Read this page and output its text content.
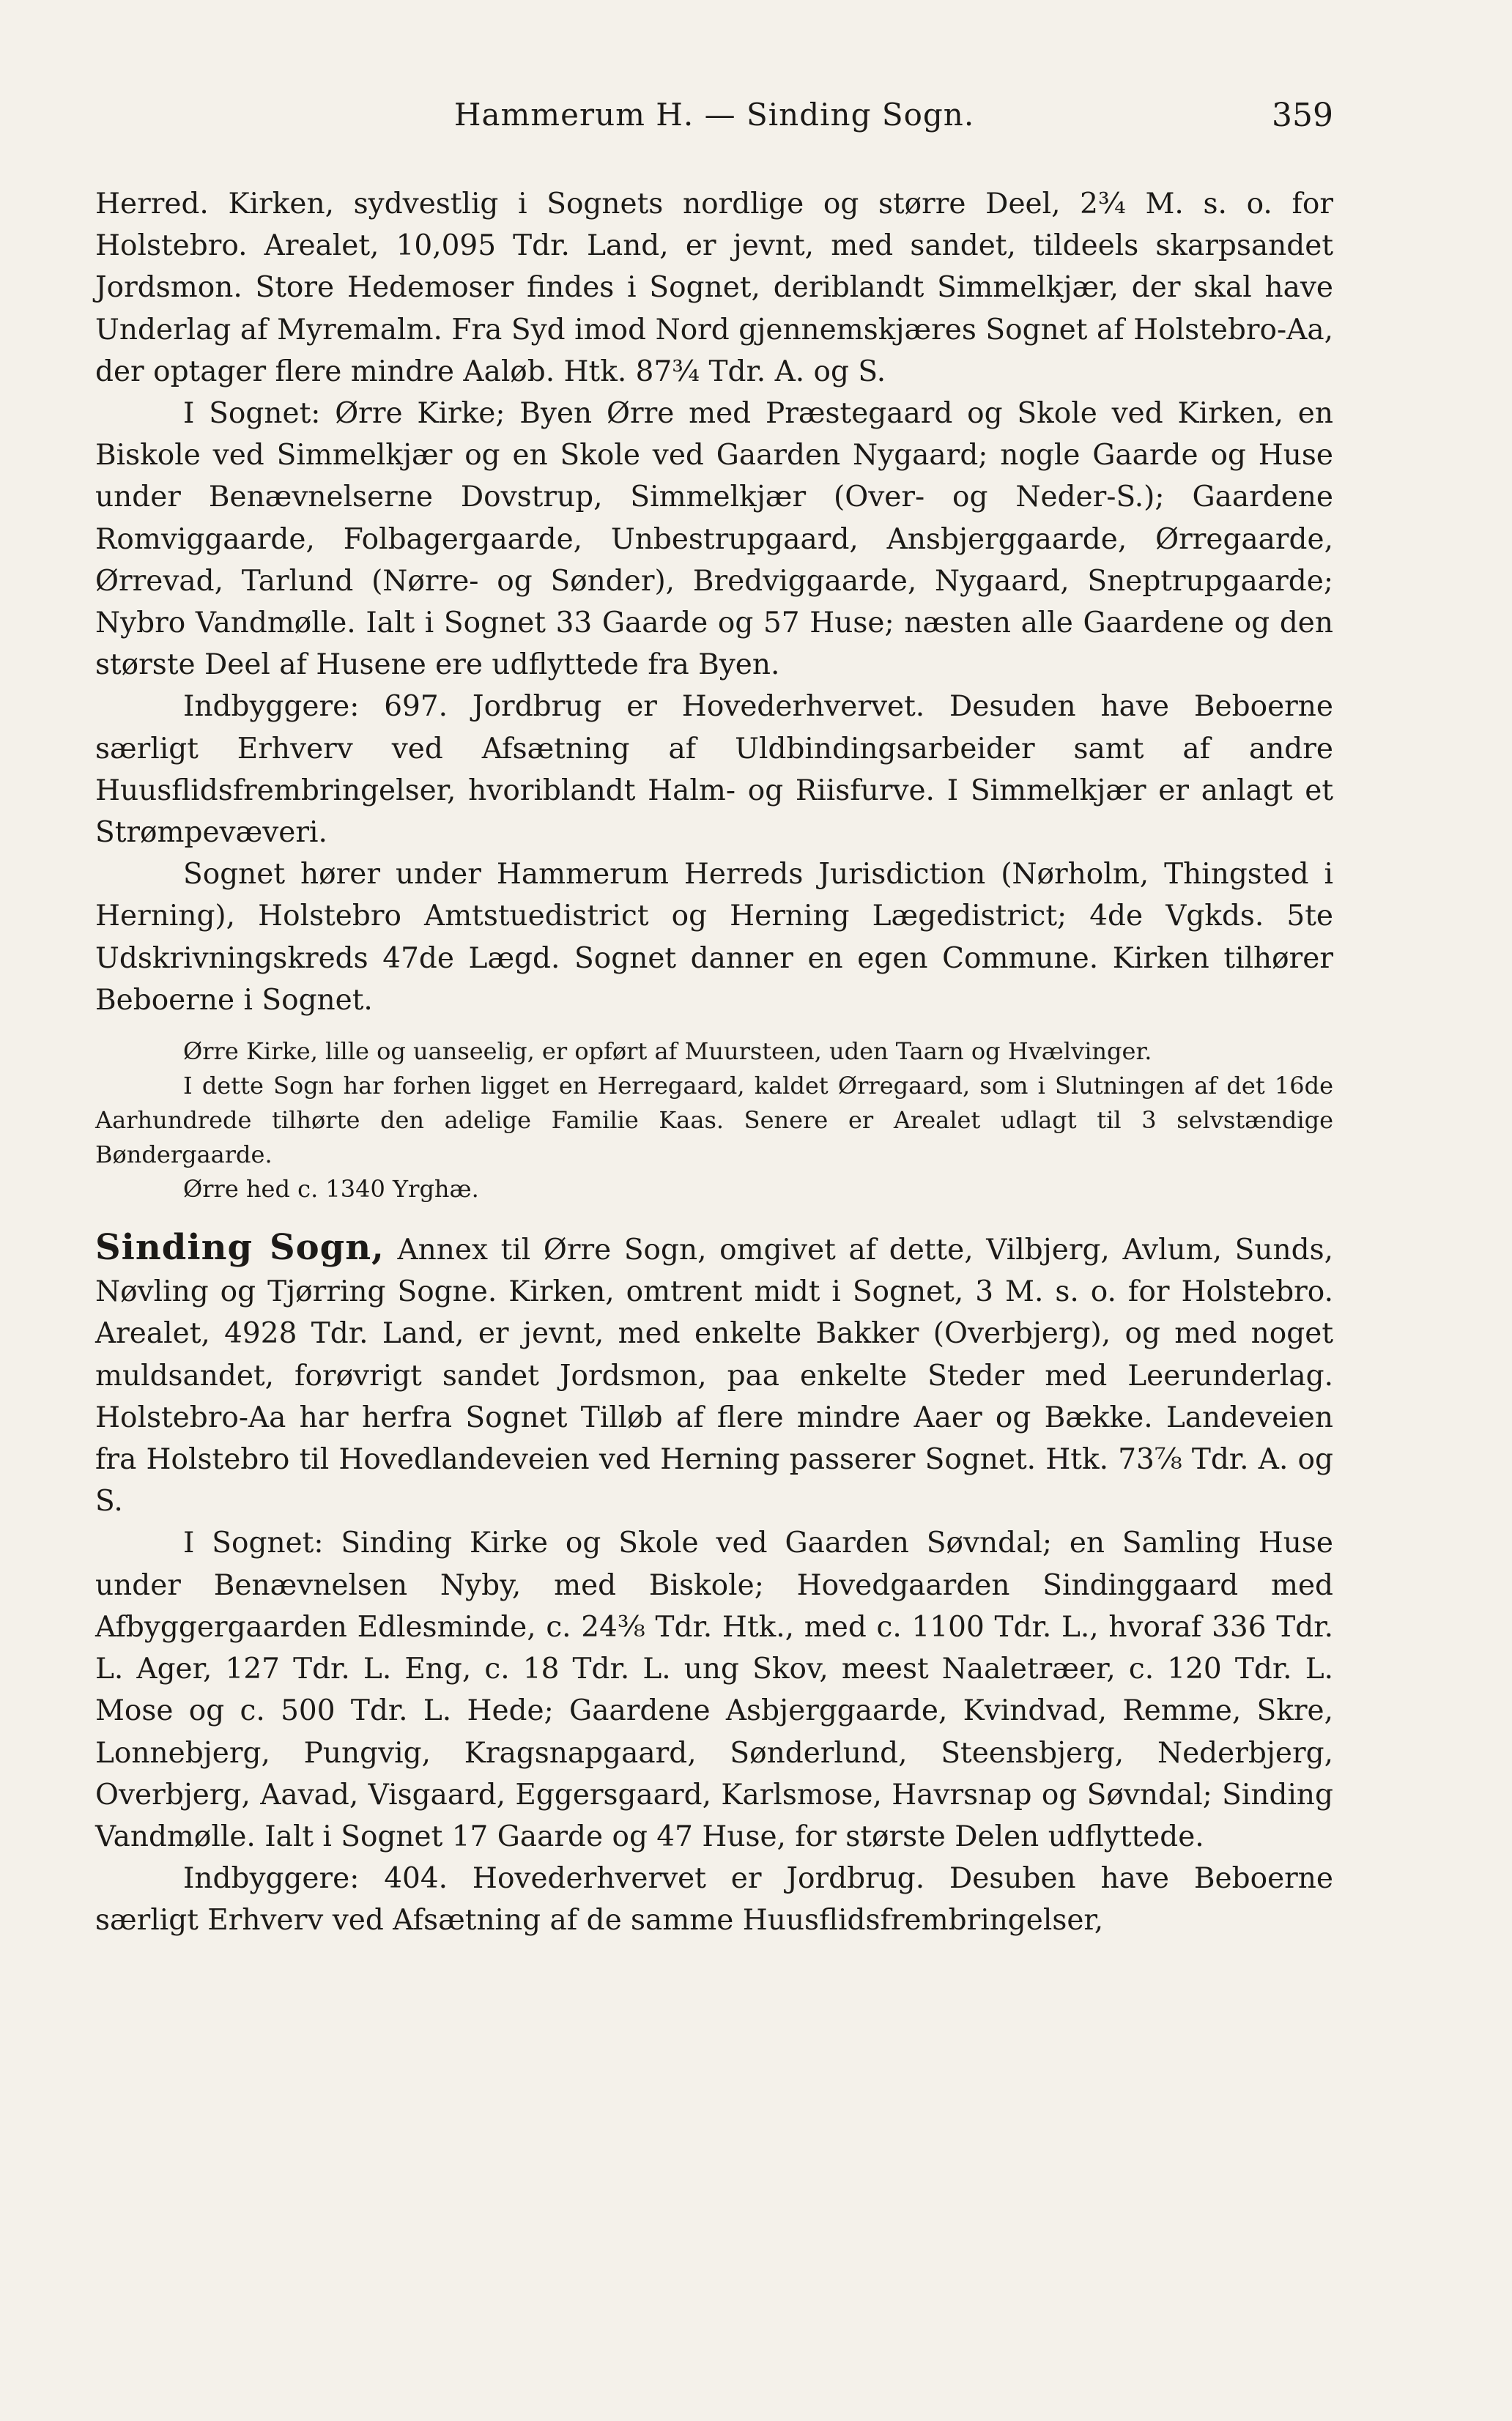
Hammerum H. — Sinding Sogn.	359

Herred. Kirken, sydvestlig i Sognets nordlige og større Deel, 2¾ M. s. o. for Holstebro. Arealet, 10,095 Tdr. Land, er jevnt, med sandet, tildeels skarpsandet Jordsmon. Store Hedemoser findes i Sognet, deriblandt Simmelkjær, der skal have Underlag af Myremalm. Fra Syd imod Nord gjennemskjæres Sognet af Holstebro-Aa, der optager flere mindre Aaløb. Htk. 87¾ Tdr. A. og S.

I Sognet: Ørre Kirke; Byen Ørre med Præstegaard og Skole ved Kirken, en Biskole ved Simmelkjær og en Skole ved Gaarden Nygaard; nogle Gaarde og Huse under Benævnelserne Dovstrup, Simmelkjær (Over- og Neder-S.); Gaardene Romviggaarde, Folbagergaarde, Unbestrupgaard, Ansbjerggaarde, Ørregaarde, Ørrevad, Tarlund (Nørre- og Sønder), Bredviggaarde, Nygaard, Sneptrupgaarde; Nybro Vandmølle. Ialt i Sognet 33 Gaarde og 57 Huse; næsten alle Gaardene og den største Deel af Husene ere udflyttede fra Byen.

Indbyggere: 697. Jordbrug er Hovederhvervet. Desuden have Beboerne særligt Erhverv ved Afsætning af Uldbindingsarbeider samt af andre Huusflidsfrembringelser, hvoriblandt Halm- og Riisfurve. I Simmelkjær er anlagt et Strømpevæveri.

Sognet hører under Hammerum Herreds Jurisdiction (Nørholm, Thingsted i Herning), Holstebro Amtstuedistrict og Herning Lægedistrict; 4de Vgkds. 5te Udskrivningskreds 47de Lægd. Sognet danner en egen Commune. Kirken tilhører Beboerne i Sognet.

Ørre Kirke, lille og uanseelig, er opført af Muursteen, uden Taarn og Hvælvinger.

I dette Sogn har forhen ligget en Herregaard, kaldet Ørregaard, som i Slutningen af det 16de Aarhundrede tilhørte den adelige Familie Kaas. Senere er Arealet udlagt til 3 selvstændige Bøndergaarde.

Ørre hed c. 1340 Yrghæ.

Sinding Sogn, Annex til Ørre Sogn, omgivet af dette, Vilbjerg, Avlum, Sunds, Nøvling og Tjørring Sogne. Kirken, omtrent midt i Sognet, 3 M. s. o. for Holstebro. Arealet, 4928 Tdr. Land, er jevnt, med enkelte Bakker (Overbjerg), og med noget muldsandet, forøvrigt sandet Jordsmon, paa enkelte Steder med Leerunderlag. Holstebro-Aa har herfra Sognet Tilløb af flere mindre Aaer og Bække. Landeveien fra Holstebro til Hovedlandeveien ved Herning passerer Sognet. Htk. 73⅞ Tdr. A. og S.

I Sognet: Sinding Kirke og Skole ved Gaarden Søvndal; en Samling Huse under Benævnelsen Nyby, med Biskole; Hovedgaarden Sindinggaard med Afbyggergaarden Edlesminde, c. 24⅜ Tdr. Htk., med c. 1100 Tdr. L., hvoraf 336 Tdr. L. Ager, 127 Tdr. L. Eng, c. 18 Tdr. L. ung Skov, meest Naaletræer, c. 120 Tdr. L. Mose og c. 500 Tdr. L. Hede; Gaardene Asbjerggaarde, Kvindvad, Remme, Skre, Lonnebjerg, Pungvig, Kragsnapgaard, Sønderlund, Steensbjerg, Nederbjerg, Overbjerg, Aavad, Visgaard, Eggersgaard, Karlsmose, Havrsnap og Søvndal; Sinding Vandmølle. Ialt i Sognet 17 Gaarde og 47 Huse, for største Delen udflyttede.

Indbyggere: 404. Hovederhvervet er Jordbrug. Desuben have Beboerne særligt Erhverv ved Afsætning af de samme Huusflidsfrembringelser,
